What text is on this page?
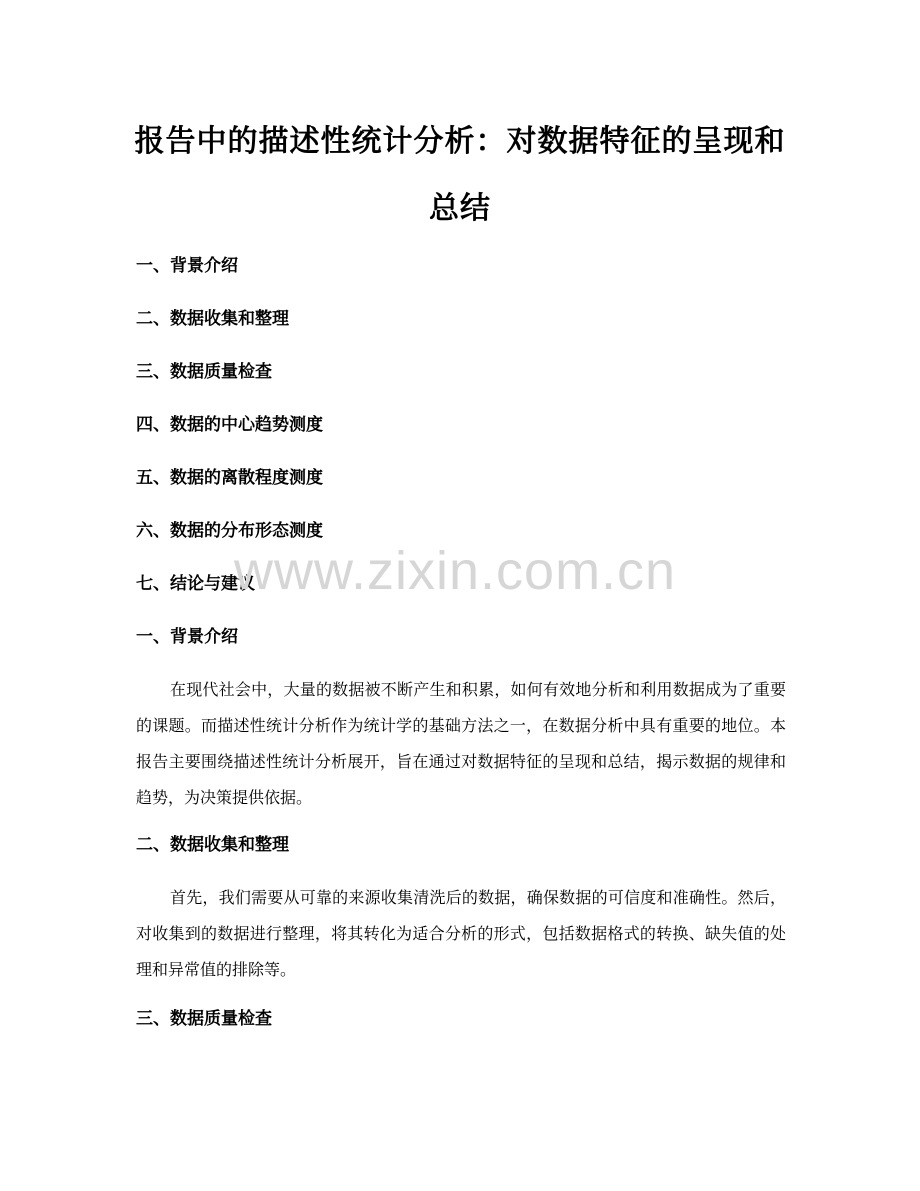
报告中的描述性统计分析：对数据特征的呈现和总结
一、背景介绍
二、数据收集和整理
三、数据质量检查
四、数据的中心趋势测度
五、数据的离散程度测度
六、数据的分布形态测度
七、结论与建议
一、背景介绍

在现代社会中，大量的数据被不断产生和积累，如何有效地分析和利用数据成为了重要的课题。而描述性统计分析作为统计学的基础方法之一，在数据分析中具有重要的地位。本报告主要围绕描述性统计分析展开，旨在通过对数据特征的呈现和总结，揭示数据的规律和趋势，为决策提供依据。

二、数据收集和整理

首先，我们需要从可靠的来源收集清洗后的数据，确保数据的可信度和准确性。然后，对收集到的数据进行整理，将其转化为适合分析的形式，包括数据格式的转换、缺失值的处理和异常值的排除等。

三、数据质量检查
www.zixin.com.cn
